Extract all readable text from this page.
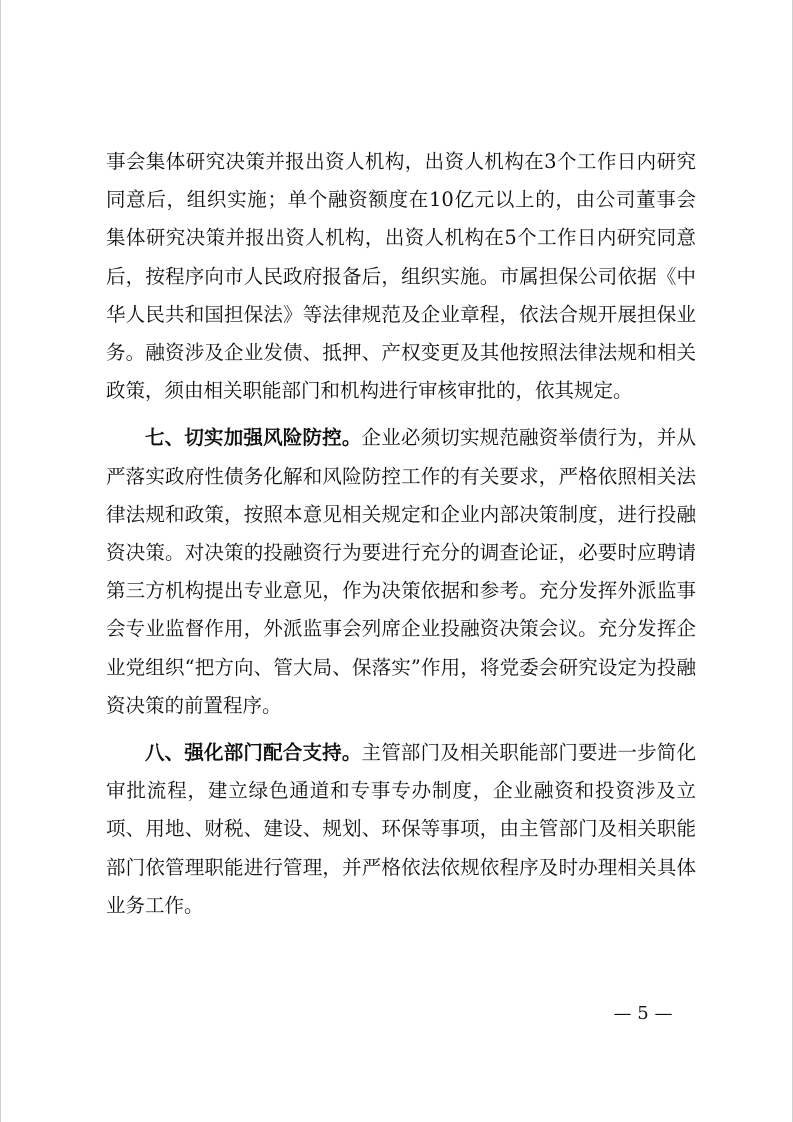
事会集体研究决策并报出资人机构，出资人机构在3个工作日内研究同意后，组织实施；单个融资额度在10亿元以上的，由公司董事会集体研究决策并报出资人机构，出资人机构在5个工作日内研究同意后，按程序向市人民政府报备后，组织实施。市属担保公司依据《中华人民共和国担保法》等法律规范及企业章程，依法合规开展担保业务。融资涉及企业发债、抵押、产权变更及其他按照法律法规和相关政策，须由相关职能部门和机构进行审核审批的，依其规定。

七、切实加强风险防控。企业必须切实规范融资举债行为，并从严落实政府性债务化解和风险防控工作的有关要求，严格依照相关法律法规和政策，按照本意见相关规定和企业内部决策制度，进行投融资决策。对决策的投融资行为要进行充分的调查论证，必要时应聘请第三方机构提出专业意见，作为决策依据和参考。充分发挥外派监事会专业监督作用，外派监事会列席企业投融资决策会议。充分发挥企业党组织“把方向、管大局、保落实”作用，将党委会研究设定为投融资决策的前置程序。

八、强化部门配合支持。主管部门及相关职能部门要进一步简化审批流程，建立绿色通道和专事专办制度，企业融资和投资涉及立项、用地、财税、建设、规划、环保等事项，由主管部门及相关职能部门依管理职能进行管理，并严格依法依规依程序及时办理相关具体业务工作。

— 5 —
